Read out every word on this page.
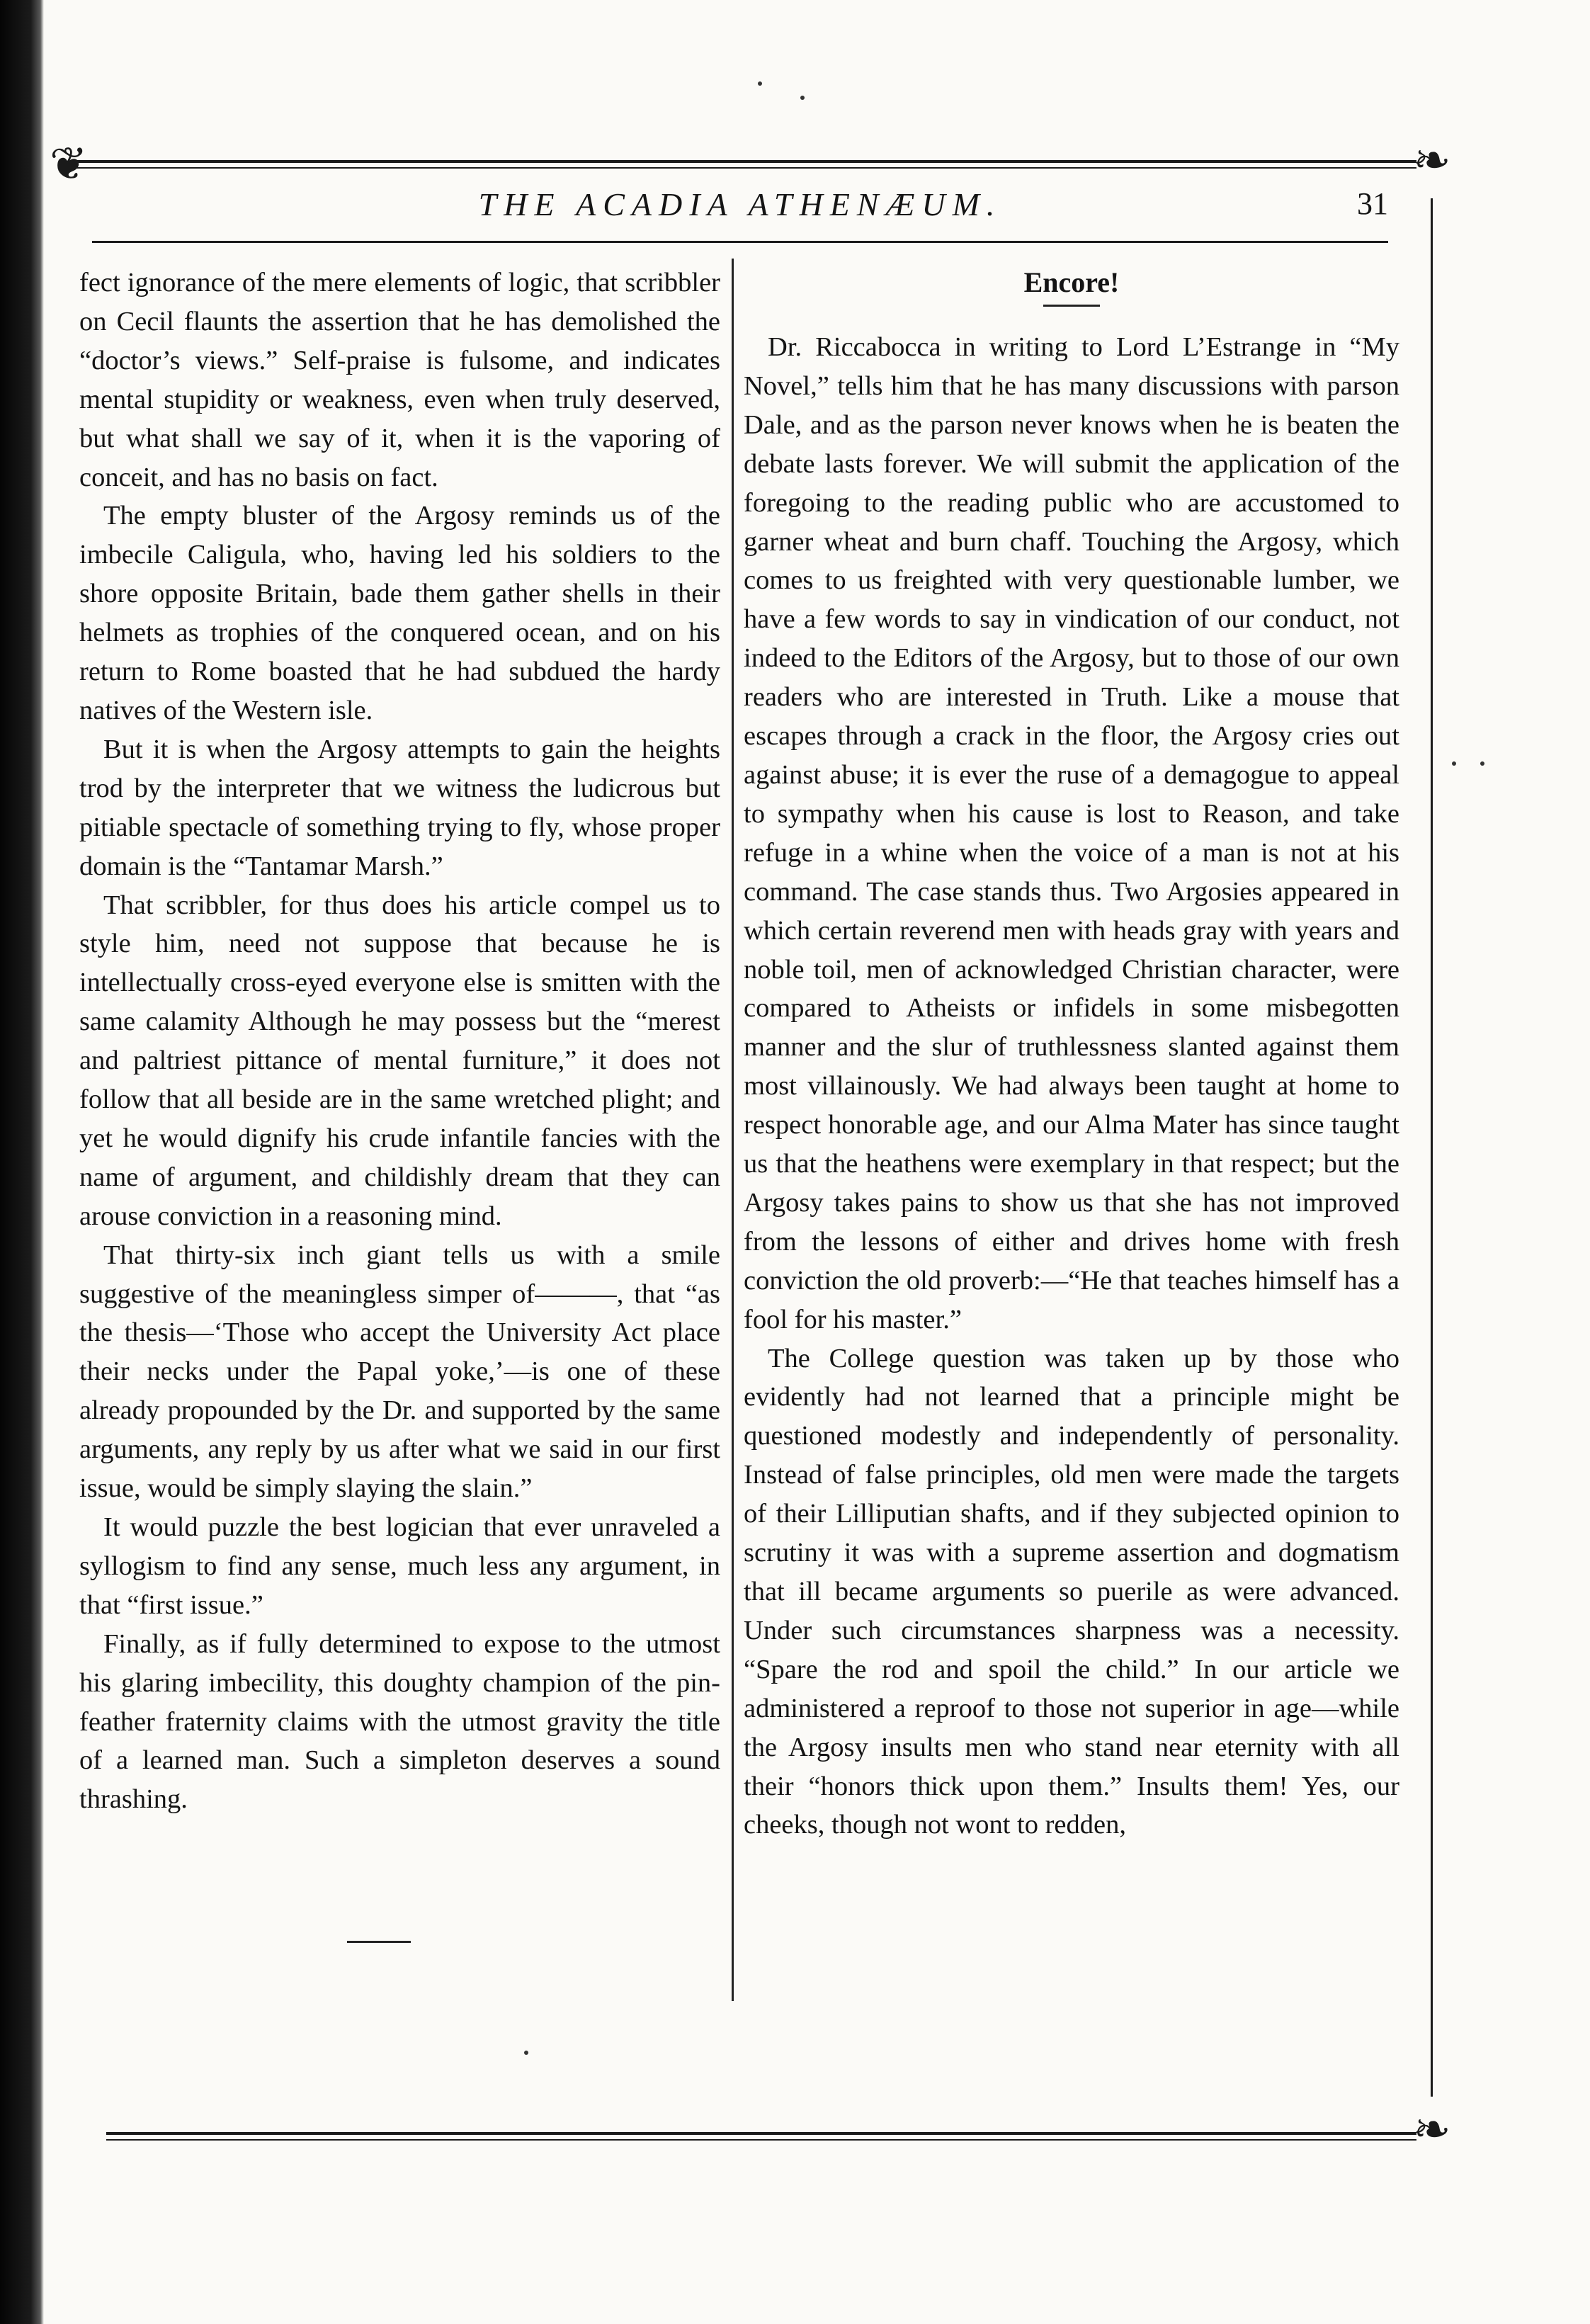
❦	❧
THE ACADIA ATHENÆUM.	31

fect ignorance of the mere elements of logic, that scribbler on Cecil flaunts the assertion that he has demolished the “doctor’s views.” Self-praise is fulsome, and indicates mental stupidity or weakness, even when truly deserved, but what shall we say of it, when it is the vaporing of conceit, and has no basis on fact.

The empty bluster of the Argosy reminds us of the imbecile Caligula, who, having led his soldiers to the shore opposite Britain, bade them gather shells in their helmets as trophies of the conquered ocean, and on his return to Rome boasted that he had subdued the hardy natives of the Western isle.

But it is when the Argosy attempts to gain the heights trod by the interpreter that we witness the ludicrous but pitiable spectacle of something trying to fly, whose proper domain is the “Tantamar Marsh.”

That scribbler, for thus does his article compel us to style him, need not suppose that because he is intellectually cross-eyed everyone else is smitten with the same calamity Although he may possess but the “merest and paltriest pittance of mental furniture,” it does not follow that all beside are in the same wretched plight; and yet he would dignify his crude infantile fancies with the name of argument, and childishly dream that they can arouse conviction in a reasoning mind.

That thirty-six inch giant tells us with a smile suggestive of the meaningless simper of———, that “as the thesis—‘Those who accept the University Act place their necks under the Papal yoke,’—is one of these already propounded by the Dr. and supported by the same arguments, any reply by us after what we said in our first issue, would be simply slaying the slain.”

It would puzzle the best logician that ever unraveled a syllogism to find any sense, much less any argument, in that “first issue.”

Finally, as if fully determined to expose to the utmost his glaring imbecility, this doughty champion of the pin-feather fraternity claims with the utmost gravity the title of a learned man. Such a simpleton deserves a sound thrashing.

Encore!

Dr. Riccabocca in writing to Lord L’Estrange in “My Novel,” tells him that he has many discussions with parson Dale, and as the parson never knows when he is beaten the debate lasts forever. We will submit the application of the foregoing to the reading public who are accustomed to garner wheat and burn chaff. Touching the Argosy, which comes to us freighted with very questionable lumber, we have a few words to say in vindication of our conduct, not indeed to the Editors of the Argosy, but to those of our own readers who are interested in Truth. Like a mouse that escapes through a crack in the floor, the Argosy cries out against abuse; it is ever the ruse of a demagogue to appeal to sympathy when his cause is lost to Reason, and take refuge in a whine when the voice of a man is not at his command. The case stands thus. Two Argosies appeared in which certain reverend men with heads gray with years and noble toil, men of acknowledged Christian character, were compared to Atheists or infidels in some misbegotten manner and the slur of truthlessness slanted against them most villainously. We had always been taught at home to respect honorable age, and our Alma Mater has since taught us that the heathens were exemplary in that respect; but the Argosy takes pains to show us that she has not improved from the lessons of either and drives home with fresh conviction the old proverb:—“He that teaches himself has a fool for his master.”

The College question was taken up by those who evidently had not learned that a principle might be questioned modestly and independently of personality. Instead of false principles, old men were made the targets of their Lilliputian shafts, and if they subjected opinion to scrutiny it was with a supreme assertion and dogmatism that ill became arguments so puerile as were advanced. Under such circumstances sharpness was a necessity. “Spare the rod and spoil the child.” In our article we administered a reproof to those not superior in age—while the Argosy insults men who stand near eternity with all their “honors thick upon them.” Insults them! Yes, our cheeks, though not wont to redden,

❧
